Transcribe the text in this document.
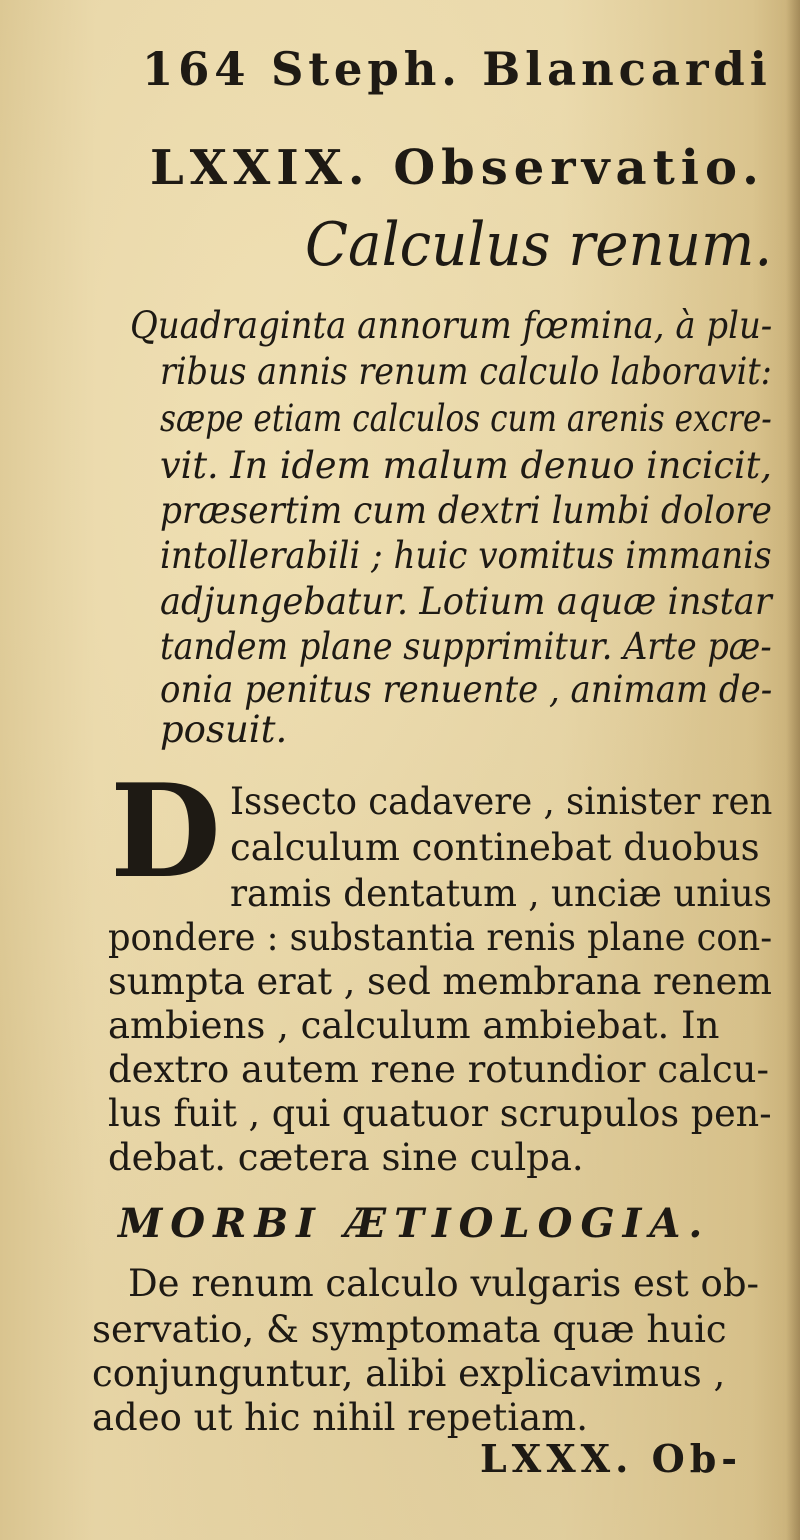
164 Steph. Blancardi
LXXIX. Observatio.
Calculus renum.
Quadraginta annorum fœmina, à plu-
ribus annis renum calculo laboravit:
sæpe etiam calculos cum arenis excre-
vit. In idem malum denuo incicit,
præsertim cum dextri lumbi dolore
intollerabili ; huic vomitus immanis
adjungebatur. Lotium aquæ instar
tandem plane supprimitur. Arte pæ-
onia penitus renuente , animam de-
posuit.
D Issecto cadavere , sinister ren
calculum continebat duobus
ramis dentatum , unciæ unius
pondere : substantia renis plane con-
sumpta erat , sed membrana renem
ambiens , calculum ambiebat. In
dextro autem rene rotundior calcu-
lus fuit , qui quatuor scrupulos pen-
debat. cætera sine culpa.
MORBI ÆTIOLOGIA.
De renum calculo vulgaris est ob-
servatio, & symptomata quæ huic
conjunguntur, alibi explicavimus ,
adeo ut hic nihil repetiam.
LXXX. Ob-
